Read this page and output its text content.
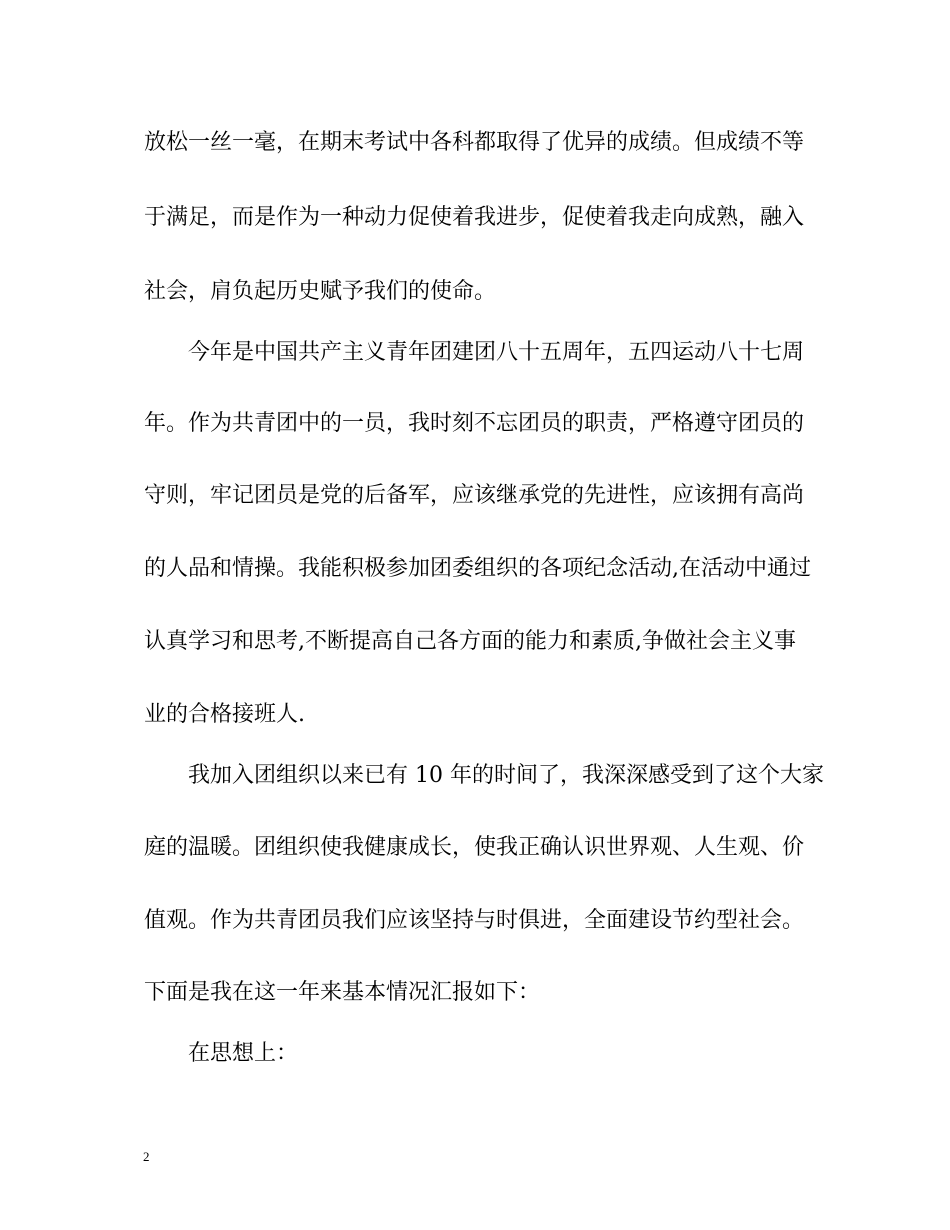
放松一丝一毫，在期末考试中各科都取得了优异的成绩。但成绩不等
于满足，而是作为一种动力促使着我进步，促使着我走向成熟，融入
社会，肩负起历史赋予我们的使命。
今年是中国共产主义青年团建团八十五周年，五四运动八十七周
年。作为共青团中的一员，我时刻不忘团员的职责，严格遵守团员的
守则，牢记团员是党的后备军，应该继承党的先进性，应该拥有高尚
的人品和情操。我能积极参加团委组织的各项纪念活动,在活动中通过
认真学习和思考,不断提高自己各方面的能力和素质,争做社会主义事
业的合格接班人.
我加入团组织以来已有 10 年的时间了，我深深感受到了这个大家
庭的温暖。团组织使我健康成长，使我正确认识世界观、人生观、价
值观。作为共青团员我们应该坚持与时俱进，全面建设节约型社会。
下面是我在这一年来基本情况汇报如下：
在思想上：
2
